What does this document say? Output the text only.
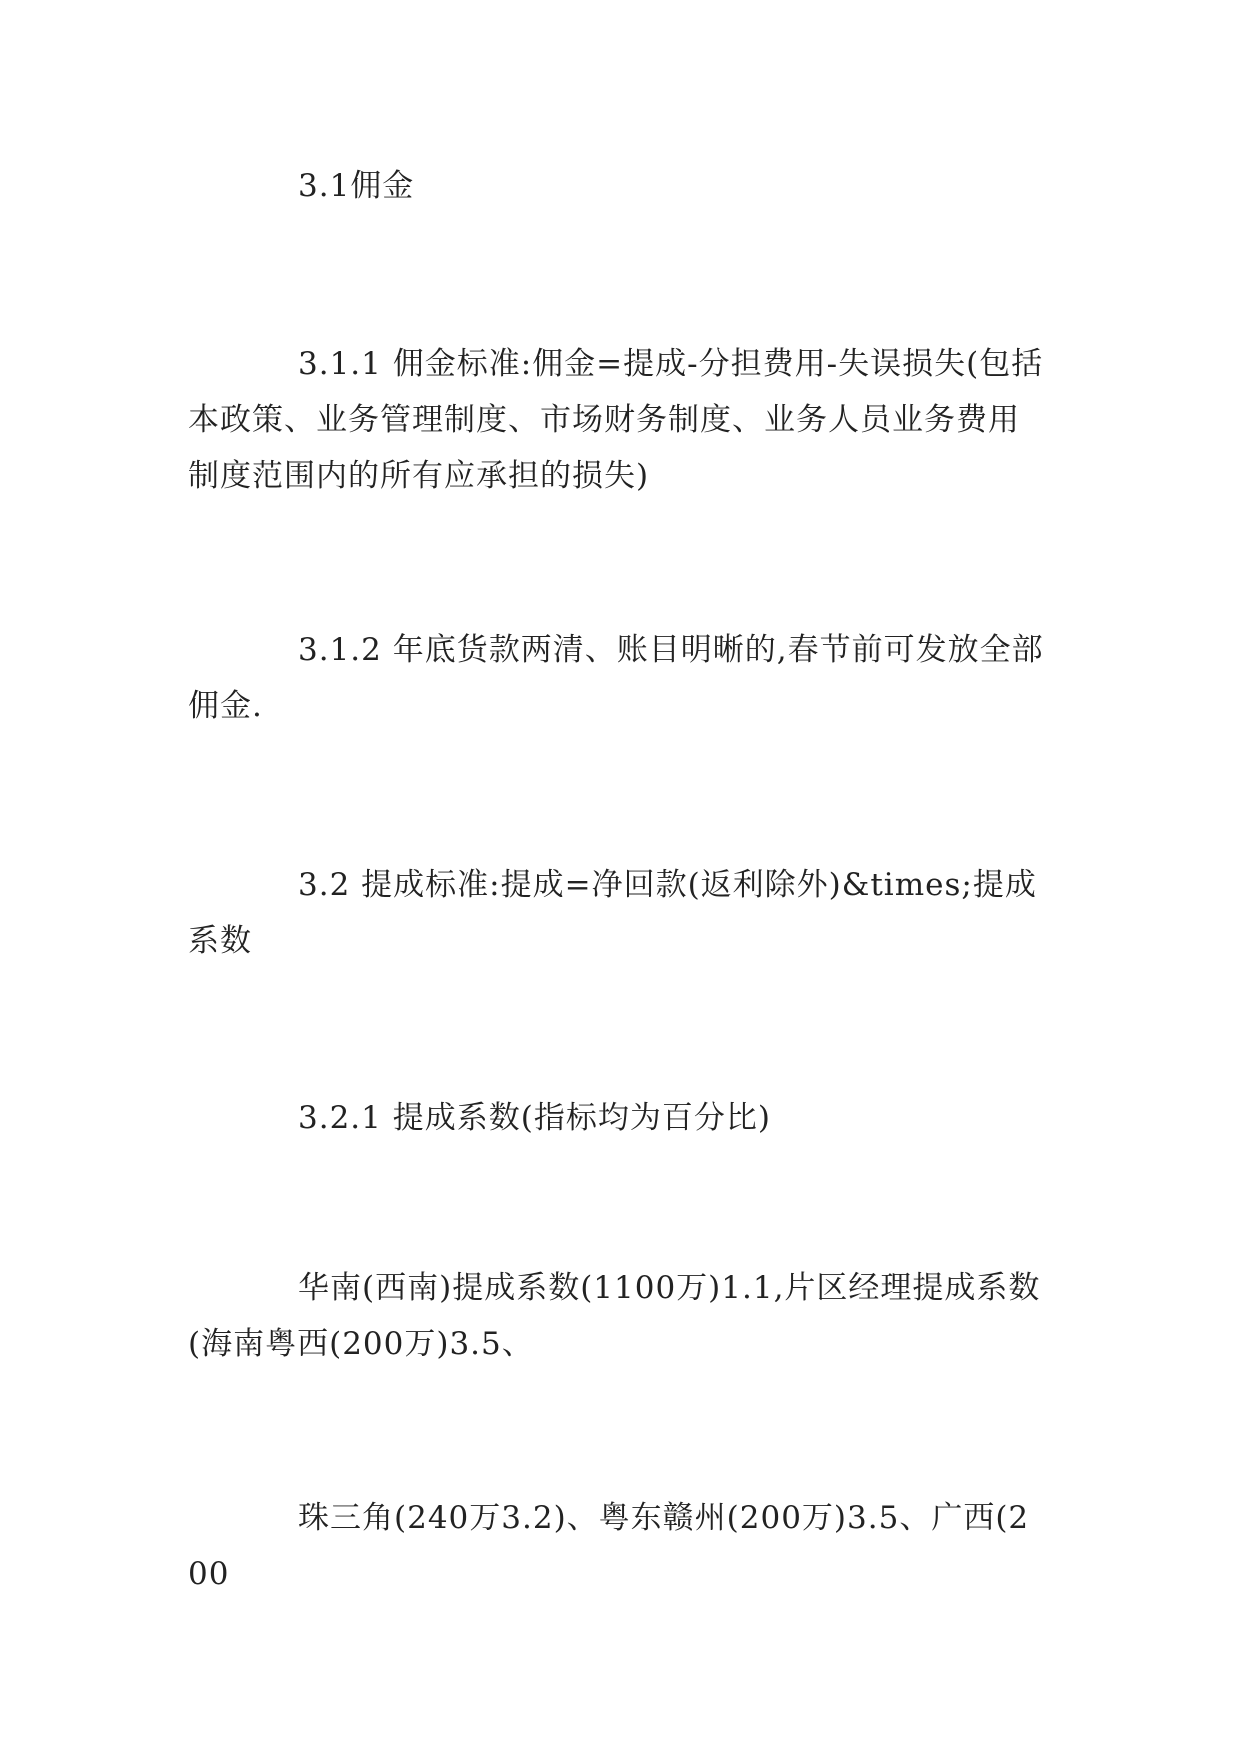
3.1佣金

3.1.1 佣金标准:佣金=提成-分担费用-失误损失(包括本政策、业务管理制度、市场财务制度、业务人员业务费用制度范围内的所有应承担的损失)

3.1.2 年底货款两清、账目明晰的,春节前可发放全部佣金.

3.2 提成标准:提成=净回款(返利除外)&times;提成系数

3.2.1 提成系数(指标均为百分比)

华南(西南)提成系数(1100万)1.1,片区经理提成系数(海南粤西(200万)3.5、

珠三角(240万3.2)、粤东赣州(200万)3.5、广西(200
